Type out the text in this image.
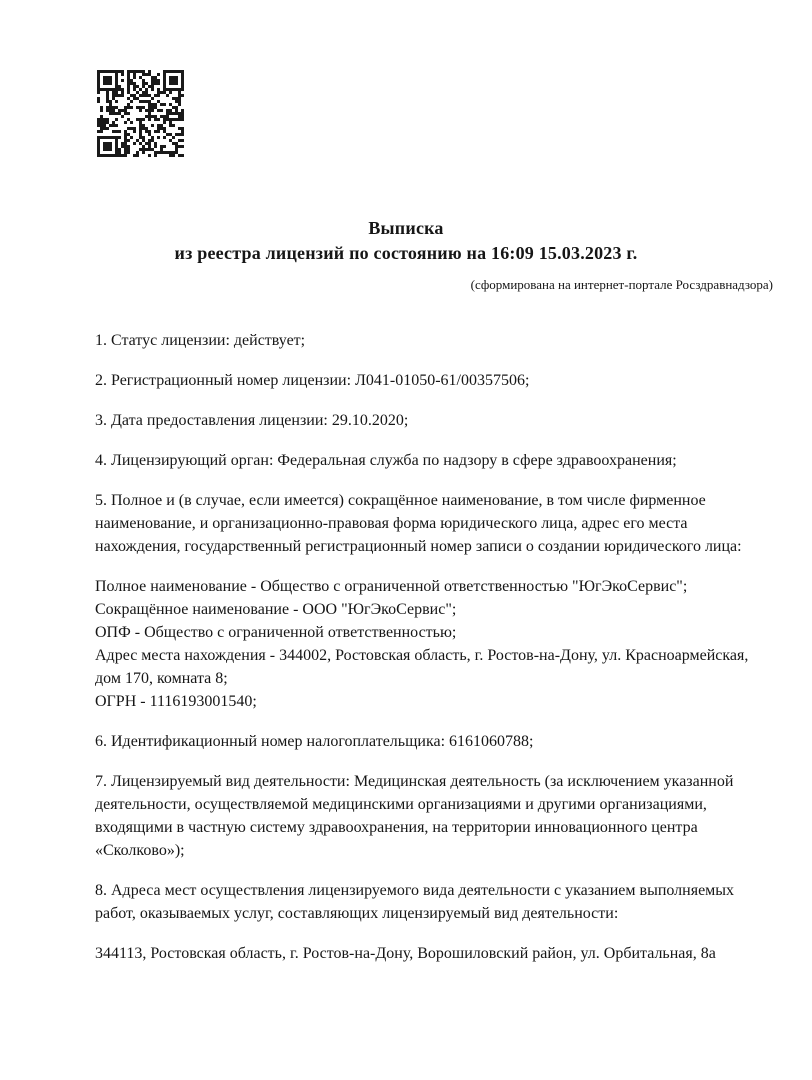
Выписка
из реестра лицензий по состоянию на 16:09 15.03.2023 г.
(сформирована на интернет-портале Росздравнадзора)

1. Статус лицензии: действует;

2. Регистрационный номер лицензии: Л041-01050-61/00357506;

3. Дата предоставления лицензии: 29.10.2020;

4. Лицензирующий орган: Федеральная служба по надзору в сфере здравоохранения;

5. Полное и (в случае, если имеется) сокращённое наименование, в том числе фирменное наименование, и организационно-правовая форма юридического лица, адрес его места нахождения, государственный регистрационный номер записи о создании юридического лица:

Полное наименование - Общество с ограниченной ответственностью "ЮгЭкоСервис";

Сокращённое наименование - ООО "ЮгЭкоСервис";

ОПФ - Общество с ограниченной ответственностью;

Адрес места нахождения - 344002, Ростовская область, г. Ростов-на-Дону, ул. Красноармейская, дом 170, комната 8;

ОГРН - 1116193001540;

6. Идентификационный номер налогоплательщика: 6161060788;

7. Лицензируемый вид деятельности: Медицинская деятельность (за исключением указанной деятельности, осуществляемой медицинскими организациями и другими организациями, входящими в частную систему здравоохранения, на территории инновационного центра «Сколково»);

8. Адреса мест осуществления лицензируемого вида деятельности с указанием выполняемых работ, оказываемых услуг, составляющих лицензируемый вид деятельности:

344113, Ростовская область, г. Ростов-на-Дону, Ворошиловский район, ул. Орбитальная, 8а
